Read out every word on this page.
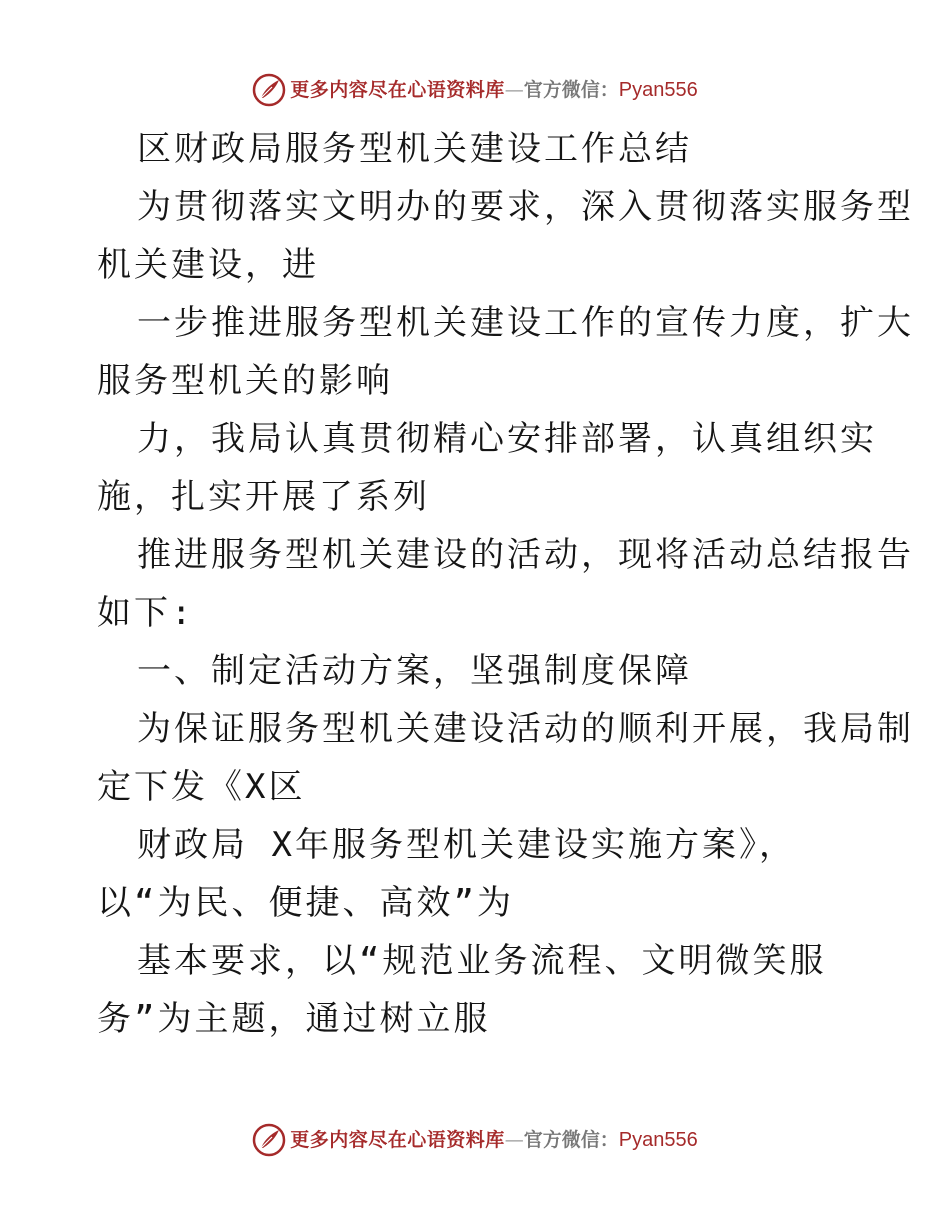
更多内容尽在心语资料库—官方微信：Pyan556
区财政局服务型机关建设工作总结
为贯彻落实文明办的要求，深入贯彻落实服务型
机关建设，进
一步推进服务型机关建设工作的宣传力度，扩大
服务型机关的影响
力，我局认真贯彻精心安排部署，认真组织实
施，扎实开展了系列
推进服务型机关建设的活动，现将活动总结报告
如下:
一、制定活动方案，坚强制度保障
为保证服务型机关建设活动的顺利开展，我局制
定下发《X区
财政局 X年服务型机关建设实施方案》，
以“为民、便捷、高效”为
基本要求，以“规范业务流程、文明微笑服
务”为主题，通过树立服
更多内容尽在心语资料库—官方微信：Pyan556
